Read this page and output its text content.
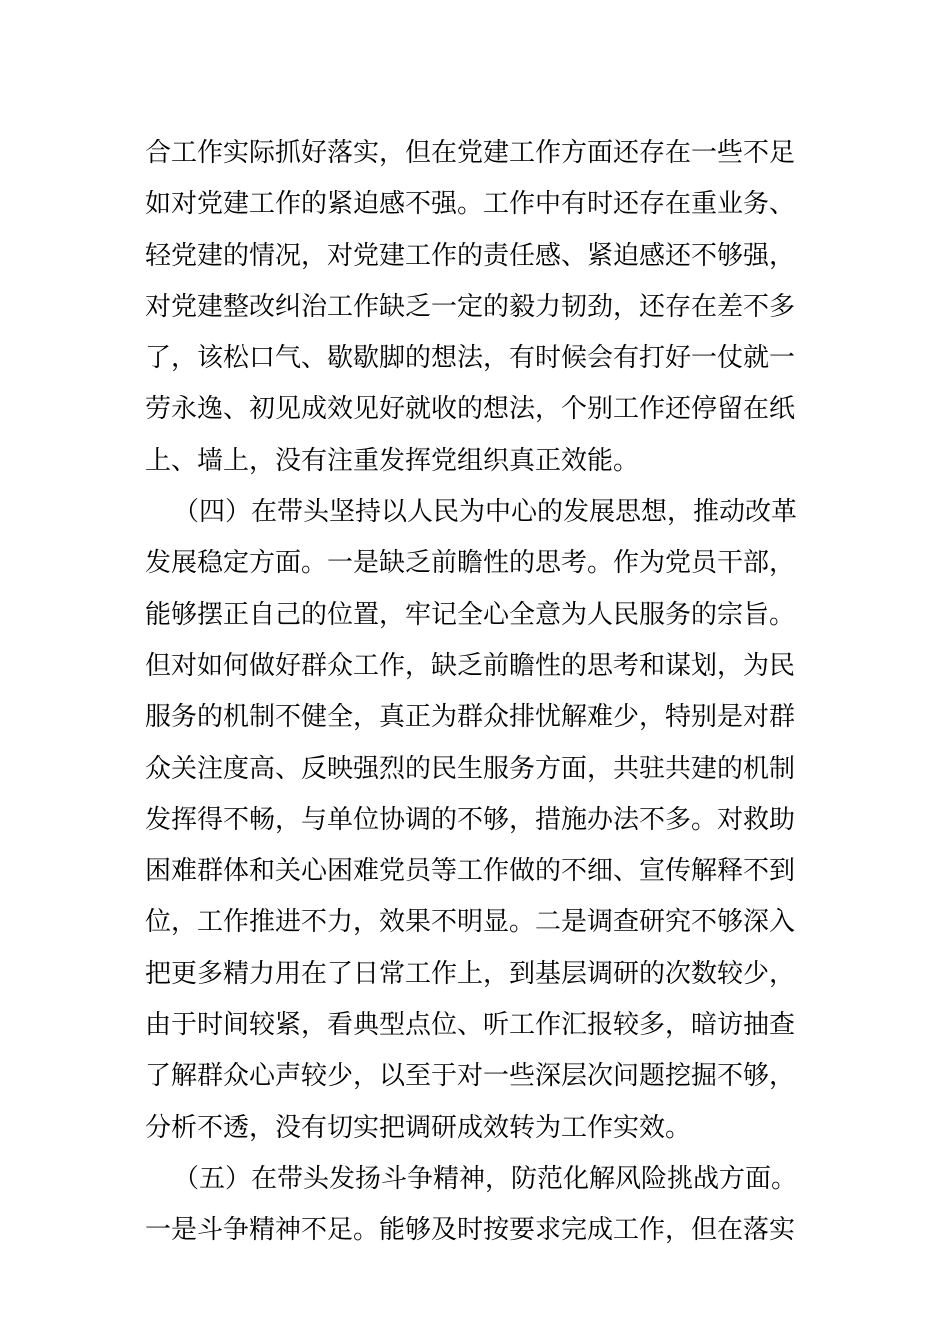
合工作实际抓好落实，但在党建工作方面还存在一些不足
如对党建工作的紧迫感不强。工作中有时还存在重业务、
轻党建的情况，对党建工作的责任感、紧迫感还不够强，
对党建整改纠治工作缺乏一定的毅力韧劲，还存在差不多
了，该松口气、歇歇脚的想法，有时候会有打好一仗就一
劳永逸、初见成效见好就收的想法，个别工作还停留在纸
上、墙上，没有注重发挥党组织真正效能。
（四）在带头坚持以人民为中心的发展思想，推动改革
发展稳定方面。一是缺乏前瞻性的思考。作为党员干部，
能够摆正自己的位置，牢记全心全意为人民服务的宗旨。
但对如何做好群众工作，缺乏前瞻性的思考和谋划，为民
服务的机制不健全，真正为群众排忧解难少，特别是对群
众关注度高、反映强烈的民生服务方面，共驻共建的机制
发挥得不畅，与单位协调的不够，措施办法不多。对救助
困难群体和关心困难党员等工作做的不细、宣传解释不到
位，工作推进不力，效果不明显。二是调查研究不够深入
把更多精力用在了日常工作上，到基层调研的次数较少，
由于时间较紧，看典型点位、听工作汇报较多，暗访抽查
了解群众心声较少，以至于对一些深层次问题挖掘不够，
分析不透，没有切实把调研成效转为工作实效。
（五）在带头发扬斗争精神，防范化解风险挑战方面。
一是斗争精神不足。能够及时按要求完成工作，但在落实
